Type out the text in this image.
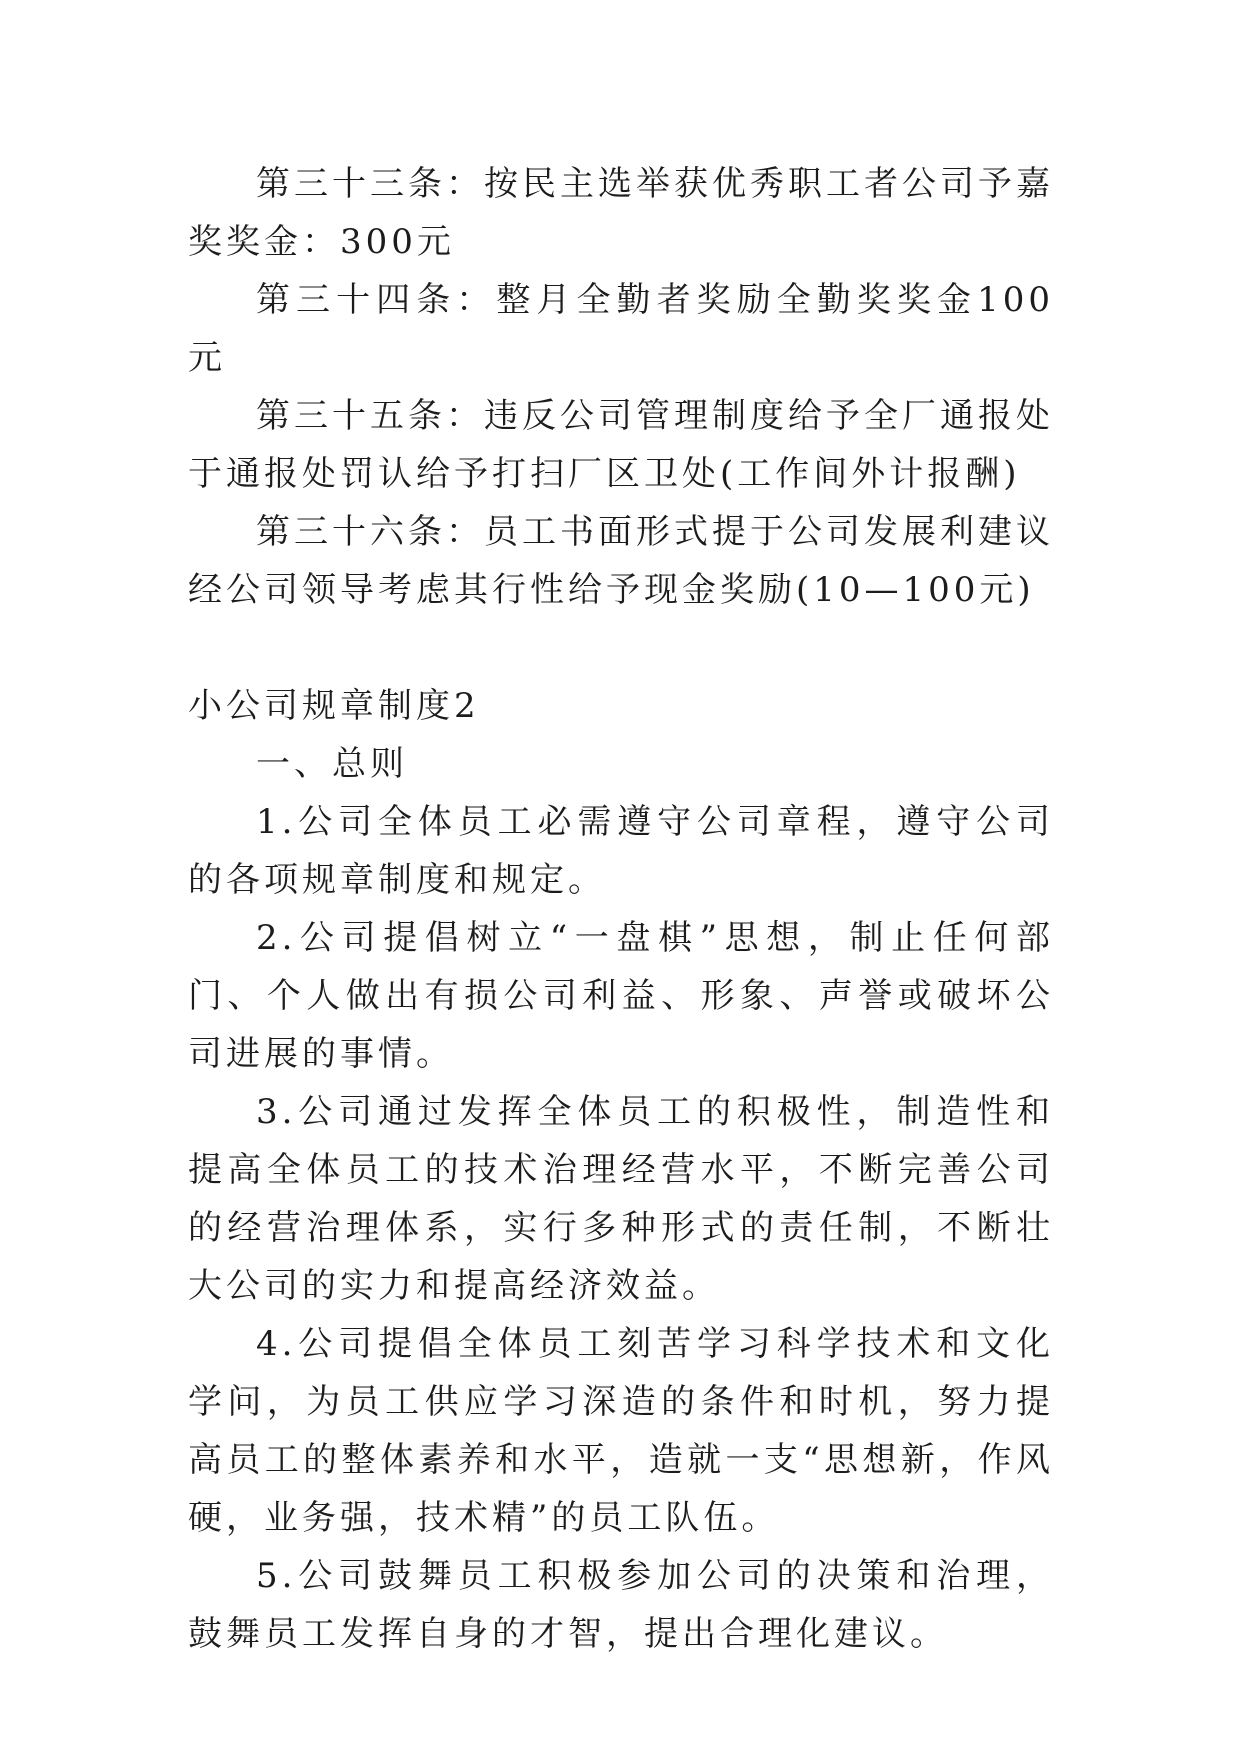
第三十三条：按民主选举获优秀职工者公司予嘉奖奖金：300元

第三十四条：整月全勤者奖励全勤奖奖金100元

第三十五条：违反公司管理制度给予全厂通报处于通报处罚认给予打扫厂区卫处(工作间外计报酬)

第三十六条：员工书面形式提于公司发展利建议经公司领导考虑其行性给予现金奖励(10—100元)

小公司规章制度2

一、总则

1.公司全体员工必需遵守公司章程，遵守公司的各项规章制度和规定。

2.公司提倡树立“一盘棋”思想，制止任何部门、个人做出有损公司利益、形象、声誉或破坏公司进展的事情。

3.公司通过发挥全体员工的积极性，制造性和提高全体员工的技术治理经营水平，不断完善公司的经营治理体系，实行多种形式的责任制，不断壮大公司的实力和提高经济效益。

4.公司提倡全体员工刻苦学习科学技术和文化学问，为员工供应学习深造的条件和时机，努力提高员工的整体素养和水平，造就一支“思想新，作风硬，业务强，技术精”的员工队伍。

5.公司鼓舞员工积极参加公司的决策和治理，鼓舞员工发挥自身的才智，提出合理化建议。
